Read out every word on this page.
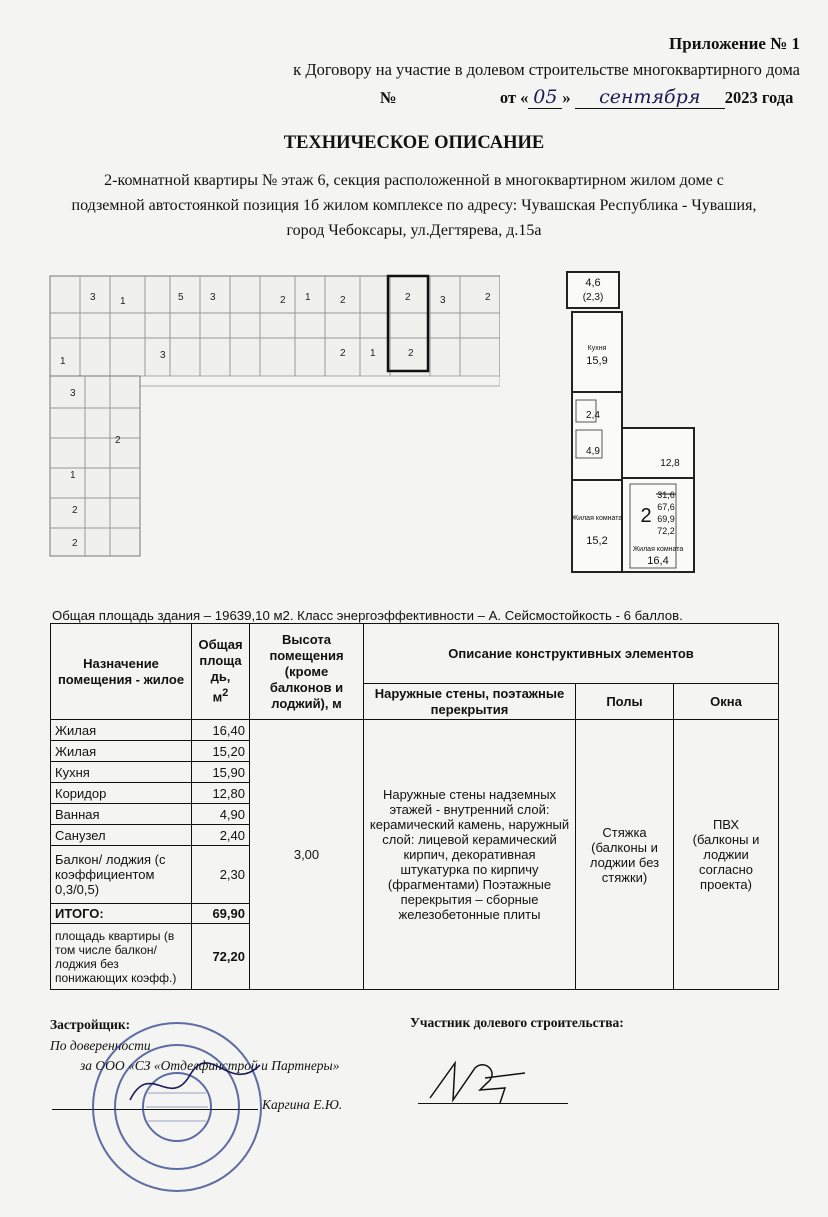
Приложение № 1
к Договору на участие в долевом строительстве многоквартирного дома
№	от « 05 » сентября 2023 года
ТЕХНИЧЕСКОЕ ОПИСАНИЕ
2-комнатной квартиры № этаж 6, секция расположенной в многоквартирном жилом доме с
подземной автостоянкой позиция 1б жилом комплексе по адресу: Чувашская Республика - Чувашия,
город Чебоксары, ул.Дегтярева, д.15а
3 1	5	3	2 1	2	2	3	2
1
3	2 1	2
3
2
1
2
2
4,6
(2,3)
Кухня
15,9
2,4
4,9
12,8
Жилая комната
15,2
2
31,6
67,6
69,9
72,2
Жилая комната
16,4
Общая площадь здания – 19639,10 м2. Класс энергоэффективности – А. Сейсмостойкость - 6 баллов.
Назначение помещения - жилое	Общая площа дь,
$м^2$	Высота помещения (кроме балконов и лоджий), м	Описание конструктивных элементов		
			Наружные стены, поэтажные перекрытия	Полы	Окна
Жилая	16,40	3,00	Наружные стены надземных этажей - внутренний слой: керамический камень, наружный слой: лицевой керамический кирпич, декоративная штукатурка по кирпичу (фрагментами) Поэтажные перекрытия – сборные железобетонные плиты	Стяжка (балконы и лоджии без стяжки)	ПВХ
(балконы и лоджии согласно проекта)

Жилая	15,20				
Кухня	15,90				
Коридор	12,80				
Ванная	4,90				
Санузел	2,40				
Балкон/ лоджия (с коэффициентом 0,3/0,5)	2,30				
ИТОГО:	69,90				
площадь квартиры (в том числе балкон/лоджия без понижающих коэфф.)	72,20				
Застройщик:
По доверенности
за ООО «СЗ «Отделфинстрой и Партнеры»
Каргина Е.Ю.
Участник долевого строительства:
